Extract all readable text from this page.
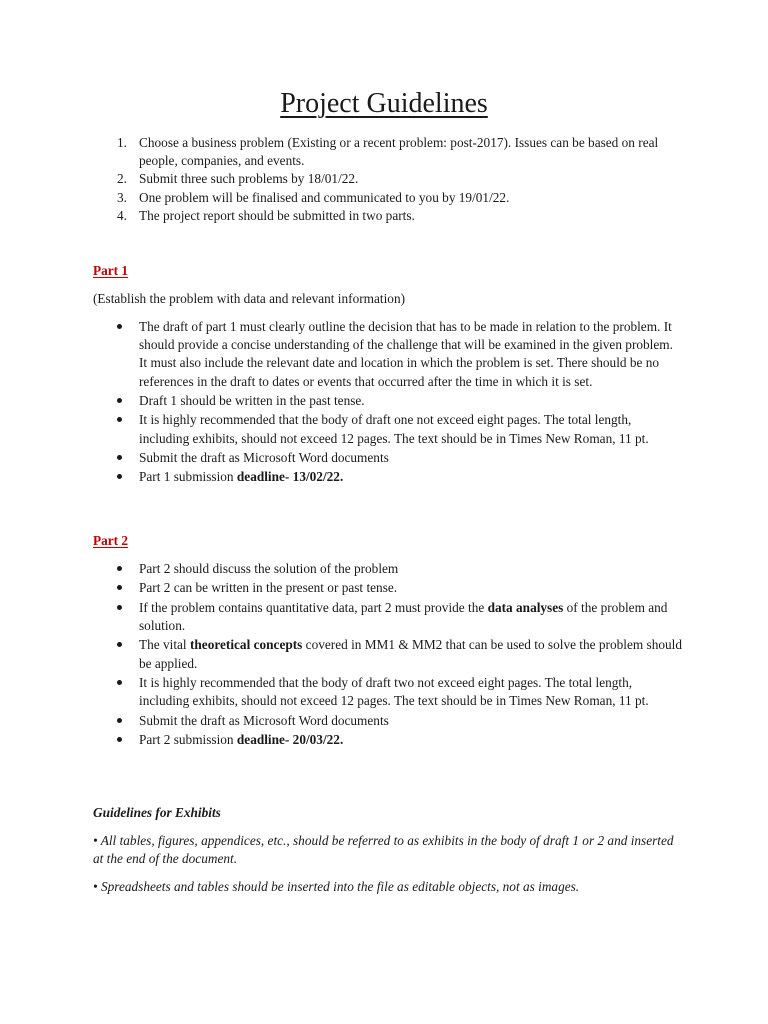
Project Guidelines
1. Choose a business problem (Existing or a recent problem: post-2017). Issues can be based on real people, companies, and events.
2. Submit three such problems by 18/01/22.
3. One problem will be finalised and communicated to you by 19/01/22.
4. The project report should be submitted in two parts.
Part 1
(Establish the problem with data and relevant information)
The draft of part 1 must clearly outline the decision that has to be made in relation to the problem. It should provide a concise understanding of the challenge that will be examined in the given problem. It must also include the relevant date and location in which the problem is set. There should be no references in the draft to dates or events that occurred after the time in which it is set.
Draft 1 should be written in the past tense.
It is highly recommended that the body of draft one not exceed eight pages. The total length, including exhibits, should not exceed 12 pages. The text should be in Times New Roman, 11 pt.
Submit the draft as Microsoft Word documents
Part 1 submission deadline- 13/02/22.
Part 2
Part 2 should discuss the solution of the problem
Part 2 can be written in the present or past tense.
If the problem contains quantitative data, part 2 must provide the data analyses of the problem and solution.
The vital theoretical concepts covered in MM1 & MM2 that can be used to solve the problem should be applied.
It is highly recommended that the body of draft two not exceed eight pages. The total length, including exhibits, should not exceed 12 pages. The text should be in Times New Roman, 11 pt.
Submit the draft as Microsoft Word documents
Part 2 submission deadline- 20/03/22.
Guidelines for Exhibits
• All tables, figures, appendices, etc., should be referred to as exhibits in the body of draft 1 or 2 and inserted at the end of the document.
• Spreadsheets and tables should be inserted into the file as editable objects, not as images.
